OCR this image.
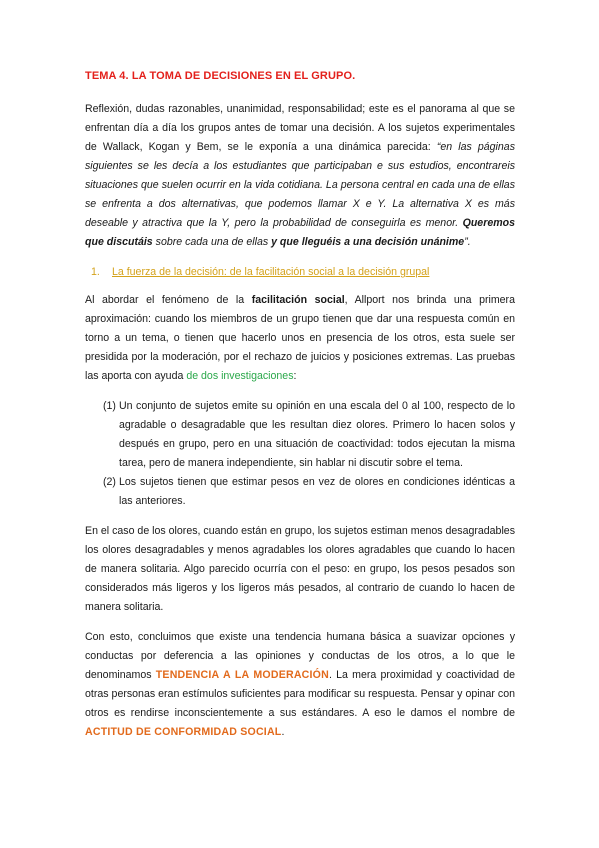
TEMA 4. LA TOMA DE DECISIONES EN EL GRUPO.

Reflexión, dudas razonables, unanimidad, responsabilidad; este es el panorama al que se enfrentan día a día los grupos antes de tomar una decisión. A los sujetos experimentales de Wallack, Kogan y Bem, se le exponía a una dinámica parecida: “en las páginas siguientes se les decía a los estudiantes que participaban e sus estudios, encontrareis situaciones que suelen ocurrir en la vida cotidiana. La persona central en cada una de ellas se enfrenta a dos alternativas, que podemos llamar X e Y. La alternativa X es más deseable y atractiva que la Y, pero la probabilidad de conseguirla es menor. Queremos que discutáis sobre cada una de ellas y que lleguéis a una decisión unánime”.

1. La fuerza de la decisión: de la facilitación social a la decisión grupal

Al abordar el fenómeno de la facilitación social, Allport nos brinda una primera aproximación: cuando los miembros de un grupo tienen que dar una respuesta común en torno a un tema, o tienen que hacerlo unos en presencia de los otros, esta suele ser presidida por la moderación, por el rechazo de juicios y posiciones extremas. Las pruebas las aporta con ayuda de dos investigaciones:

(1) Un conjunto de sujetos emite su opinión en una escala del 0 al 100, respecto de lo agradable o desagradable que les resultan diez olores. Primero lo hacen solos y después en grupo, pero en una situación de coactividad: todos ejecutan la misma tarea, pero de manera independiente, sin hablar ni discutir sobre el tema.
(2) Los sujetos tienen que estimar pesos en vez de olores en condiciones idénticas a las anteriores.

En el caso de los olores, cuando están en grupo, los sujetos estiman menos desagradables los olores desagradables y menos agradables los olores agradables que cuando lo hacen de manera solitaria. Algo parecido ocurría con el peso: en grupo, los pesos pesados son considerados más ligeros y los ligeros más pesados, al contrario de cuando lo hacen de manera solitaria.

Con esto, concluimos que existe una tendencia humana básica a suavizar opciones y conductas por deferencia a las opiniones y conductas de los otros, a lo que le denominamos TENDENCIA A LA MODERACIÓN. La mera proximidad y coactividad de otras personas eran estímulos suficientes para modificar su respuesta. Pensar y opinar con otros es rendirse inconscientemente a sus estándares. A eso le damos el nombre de ACTITUD DE CONFORMIDAD SOCIAL.
